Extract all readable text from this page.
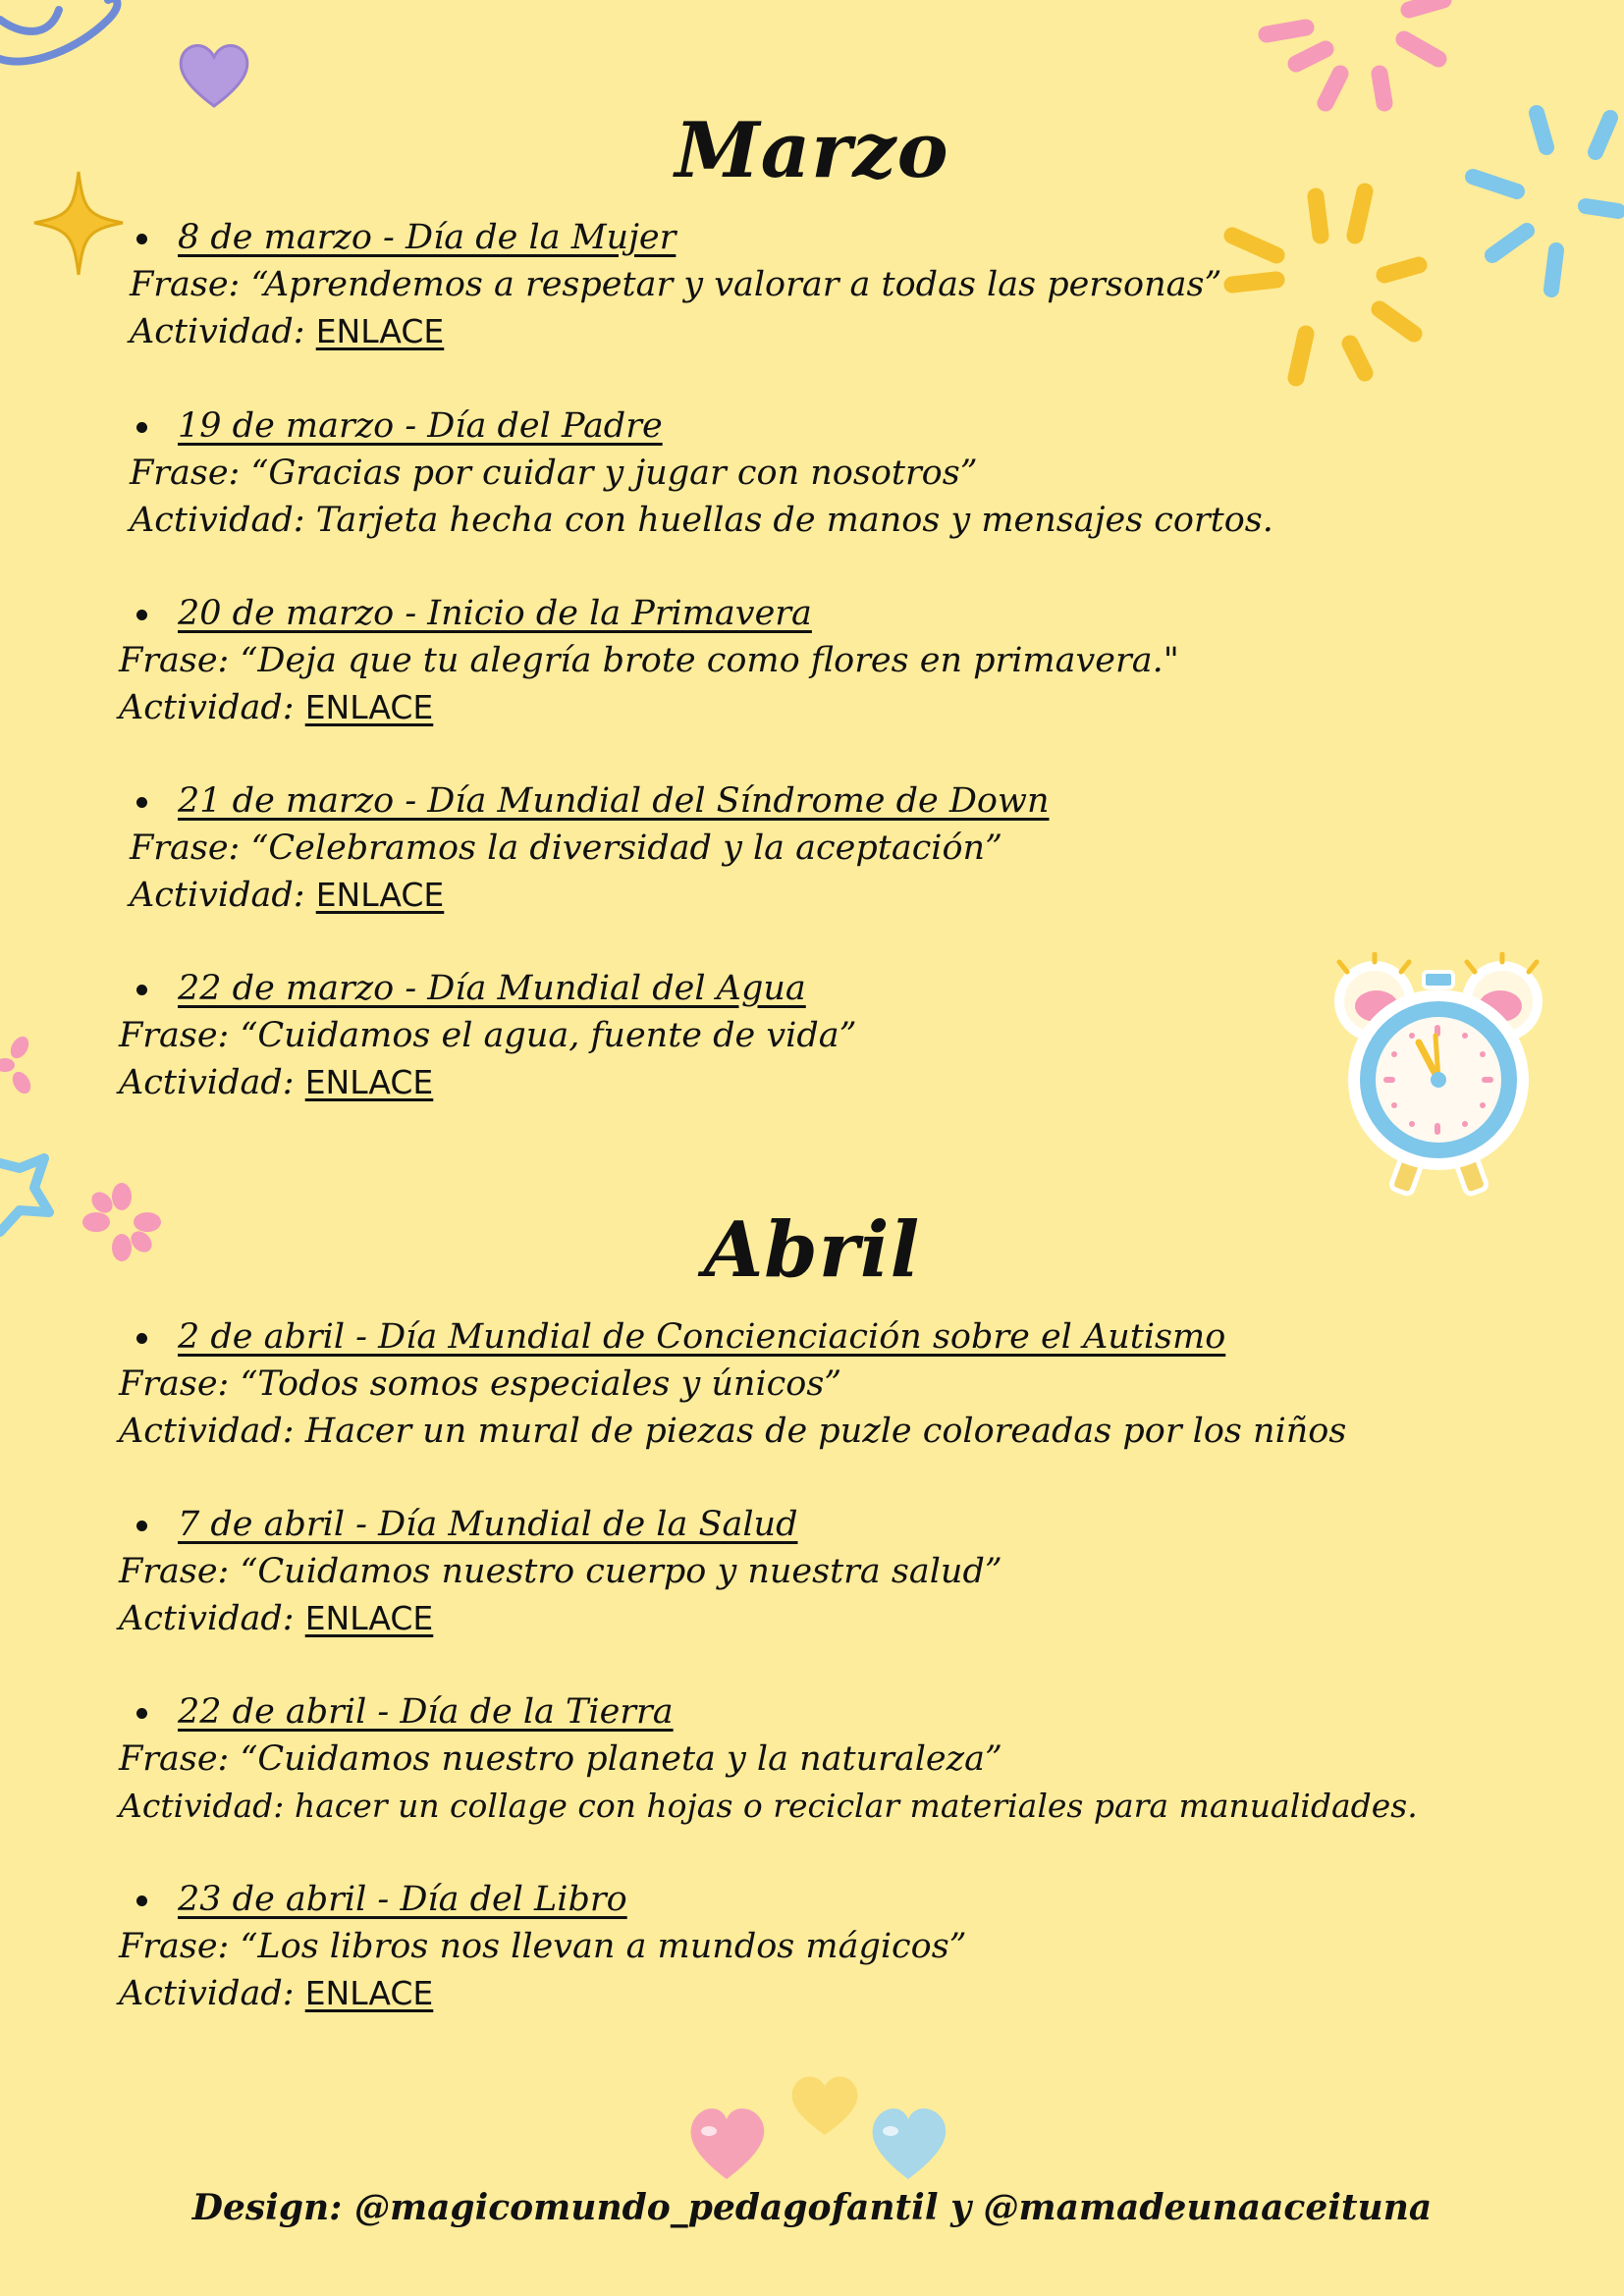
Marzo
8 de marzo - Día de la Mujer
Frase: “Aprendemos a respetar y valorar a todas las personas”
Actividad: ENLACE
19 de marzo - Día del Padre
Frase: “Gracias por cuidar y jugar con nosotros”
Actividad: Tarjeta hecha con huellas de manos y mensajes cortos.
20 de marzo - Inicio de la Primavera
Frase: “Deja que tu alegría brote como flores en primavera."
Actividad: ENLACE
21 de marzo - Día Mundial del Síndrome de Down
Frase: “Celebramos la diversidad y la aceptación”
Actividad: ENLACE
22 de marzo - Día Mundial del Agua
Frase: “Cuidamos el agua, fuente de vida”
Actividad: ENLACE
Abril
2 de abril - Día Mundial de Concienciación sobre el Autismo
Frase: “Todos somos especiales y únicos”
Actividad: Hacer un mural de piezas de puzle coloreadas por los niños
7 de abril - Día Mundial de la Salud
Frase: “Cuidamos nuestro cuerpo y nuestra salud”
Actividad: ENLACE
22 de abril - Día de la Tierra
Frase: “Cuidamos nuestro planeta y la naturaleza”
Actividad: hacer un collage con hojas o reciclar materiales para manualidades.
23 de abril - Día del Libro
Frase: “Los libros nos llevan a mundos mágicos”
Actividad: ENLACE
Design: @magicomundo_pedagofantil y @mamadeunaaceituna
